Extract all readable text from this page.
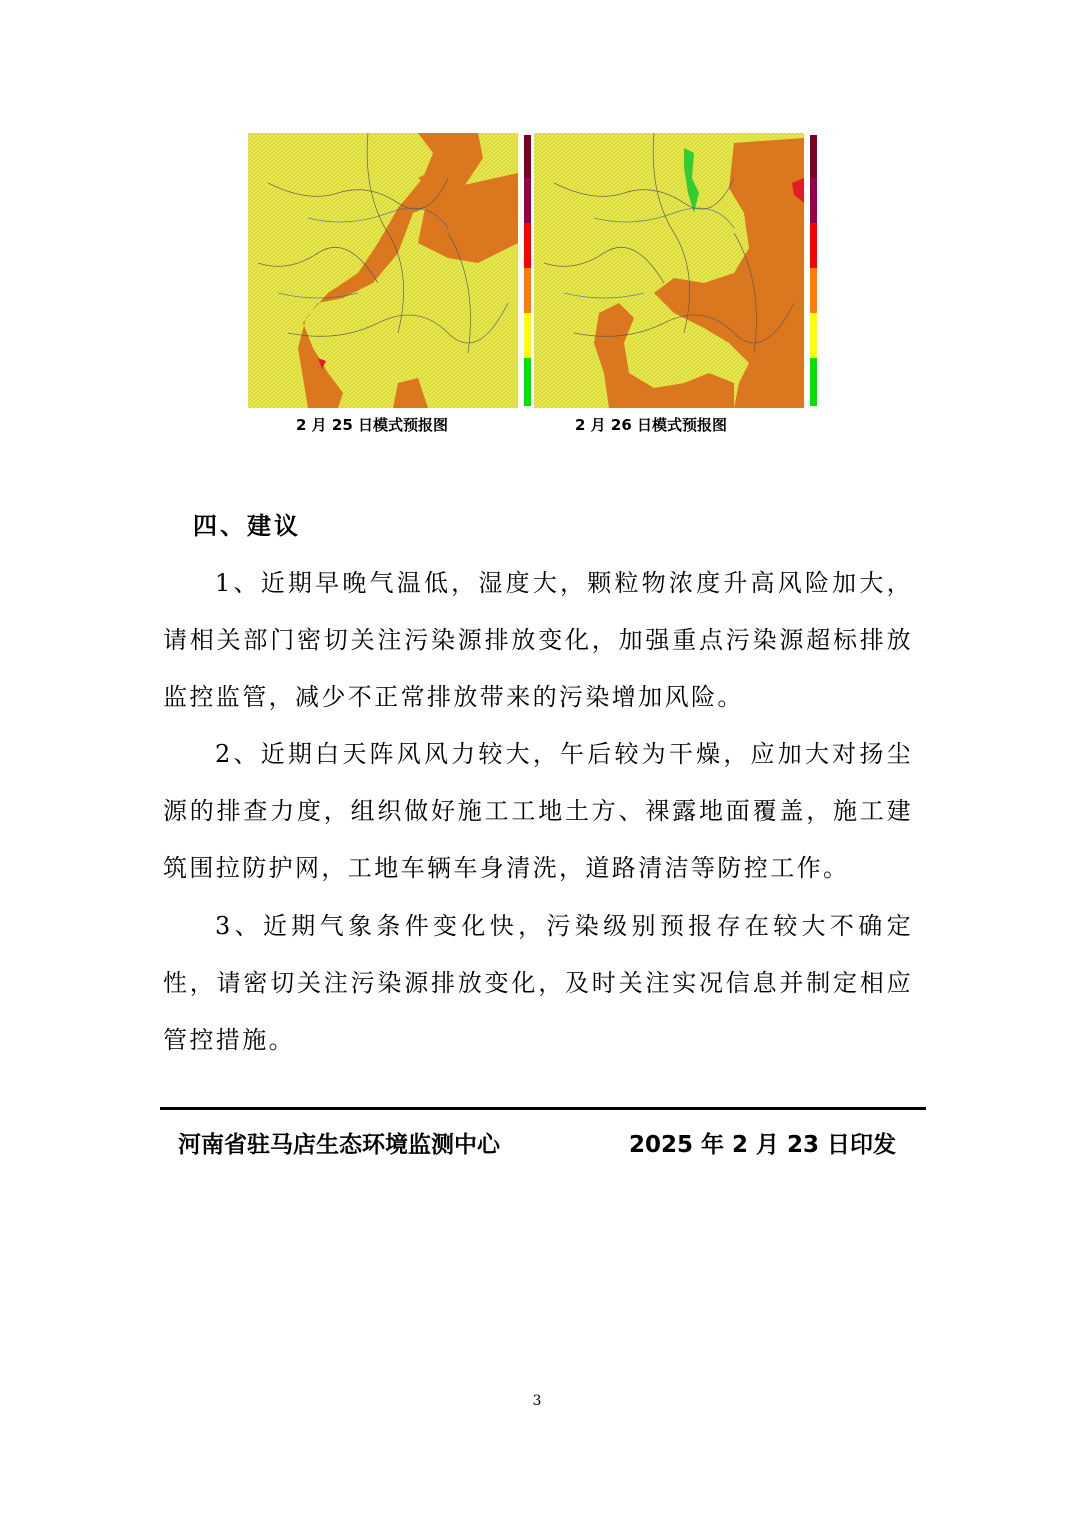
2 月 25 日模式预报图	2 月 26 日模式预报图
四、建议

1、近期早晚气温低，湿度大，颗粒物浓度升高风险加大，请相关部门密切关注污染源排放变化，加强重点污染源超标排放监控监管，减少不正常排放带来的污染增加风险。

2、近期白天阵风风力较大，午后较为干燥，应加大对扬尘源的排查力度，组织做好施工工地土方、裸露地面覆盖，施工建筑围拉防护网，工地车辆车身清洗，道路清洁等防控工作。

3、近期气象条件变化快，污染级别预报存在较大不确定性，请密切关注污染源排放变化，及时关注实况信息并制定相应管控措施。

河南省驻马店生态环境监测中心	2025 年 2 月 23 日印发
3
